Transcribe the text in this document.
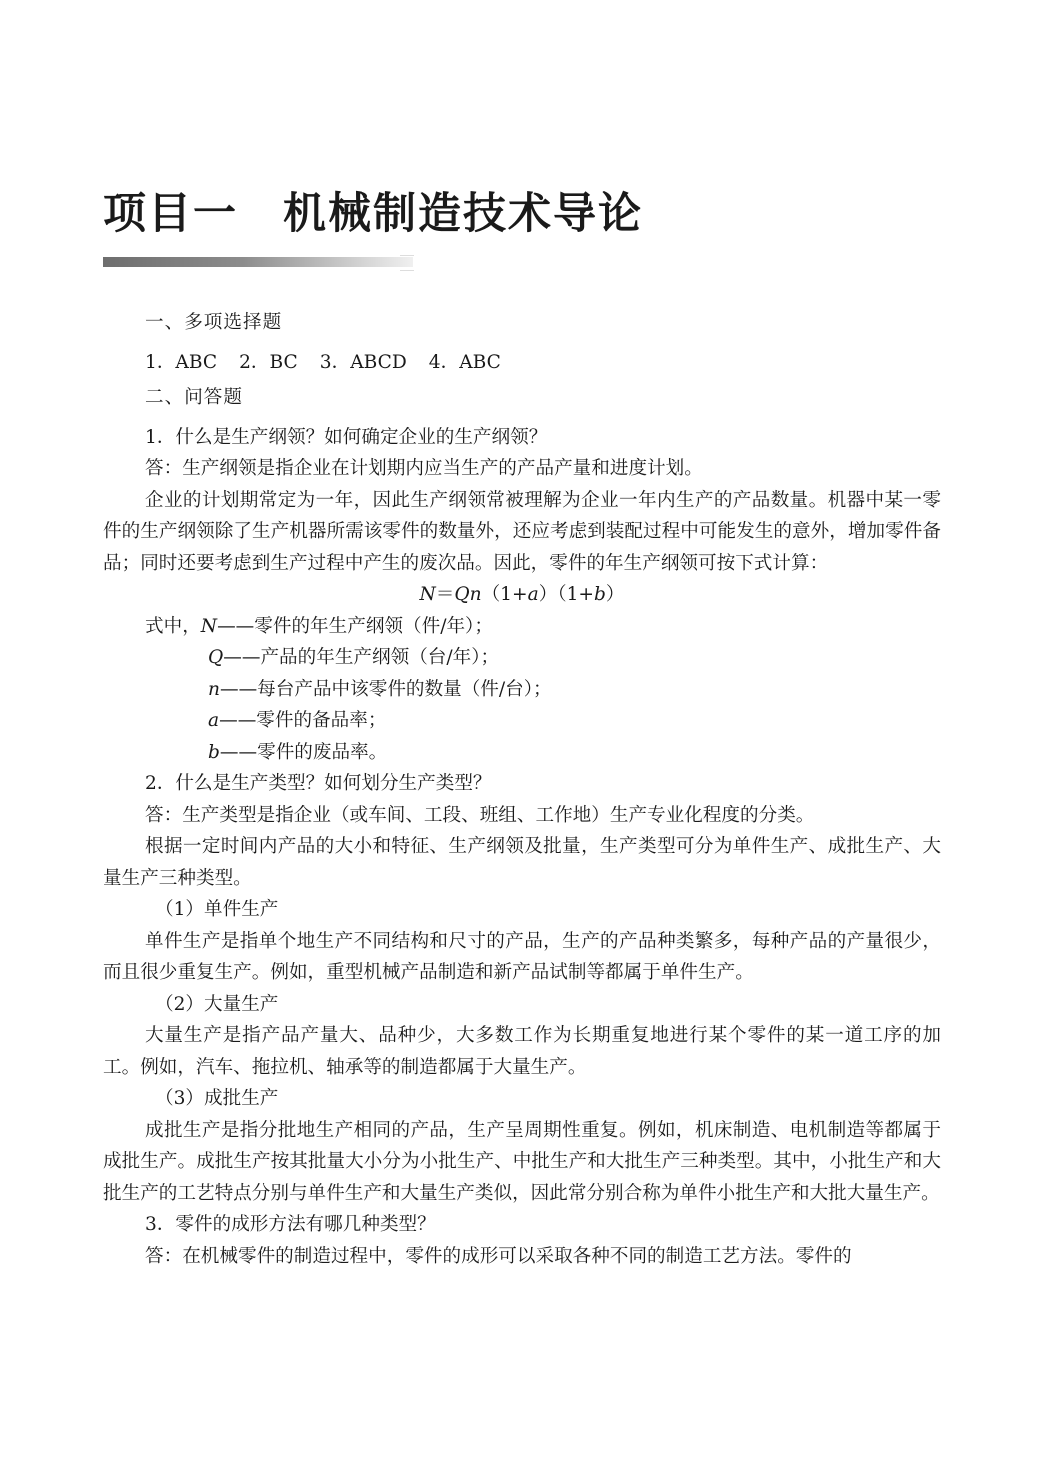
项目一　机械制造技术导论

一、多项选择题

1．ABC 2．BC 3．ABCD 4．ABC

二、问答题

1．什么是生产纲领？如何确定企业的生产纲领？

答：生产纲领是指企业在计划期内应当生产的产品产量和进度计划。

企业的计划期常定为一年，因此生产纲领常被理解为企业一年内生产的产品数量。机器中某一零件的生产纲领除了生产机器所需该零件的数量外，还应考虑到装配过程中可能发生的意外，增加零件备品；同时还要考虑到生产过程中产生的废次品。因此，零件的年生产纲领可按下式计算：

N＝Qn（1+a）（1+b）

式中，N——零件的年生产纲领（件/年）；

Q——产品的年生产纲领（台/年）；

n——每台产品中该零件的数量（件/台）；

a——零件的备品率；

b——零件的废品率。

2．什么是生产类型？如何划分生产类型？

答：生产类型是指企业（或车间、工段、班组、工作地）生产专业化程度的分类。

根据一定时间内产品的大小和特征、生产纲领及批量，生产类型可分为单件生产、成批生产、大量生产三种类型。

（1）单件生产

单件生产是指单个地生产不同结构和尺寸的产品，生产的产品种类繁多，每种产品的产量很少，而且很少重复生产。例如，重型机械产品制造和新产品试制等都属于单件生产。

（2）大量生产

大量生产是指产品产量大、品种少，大多数工作为长期重复地进行某个零件的某一道工序的加工。例如，汽车、拖拉机、轴承等的制造都属于大量生产。

（3）成批生产

成批生产是指分批地生产相同的产品，生产呈周期性重复。例如，机床制造、电机制造等都属于成批生产。成批生产按其批量大小分为小批生产、中批生产和大批生产三种类型。其中，小批生产和大批生产的工艺特点分别与单件生产和大量生产类似，因此常分别合称为单件小批生产和大批大量生产。

3．零件的成形方法有哪几种类型？

答：在机械零件的制造过程中，零件的成形可以采取各种不同的制造工艺方法。零件的
